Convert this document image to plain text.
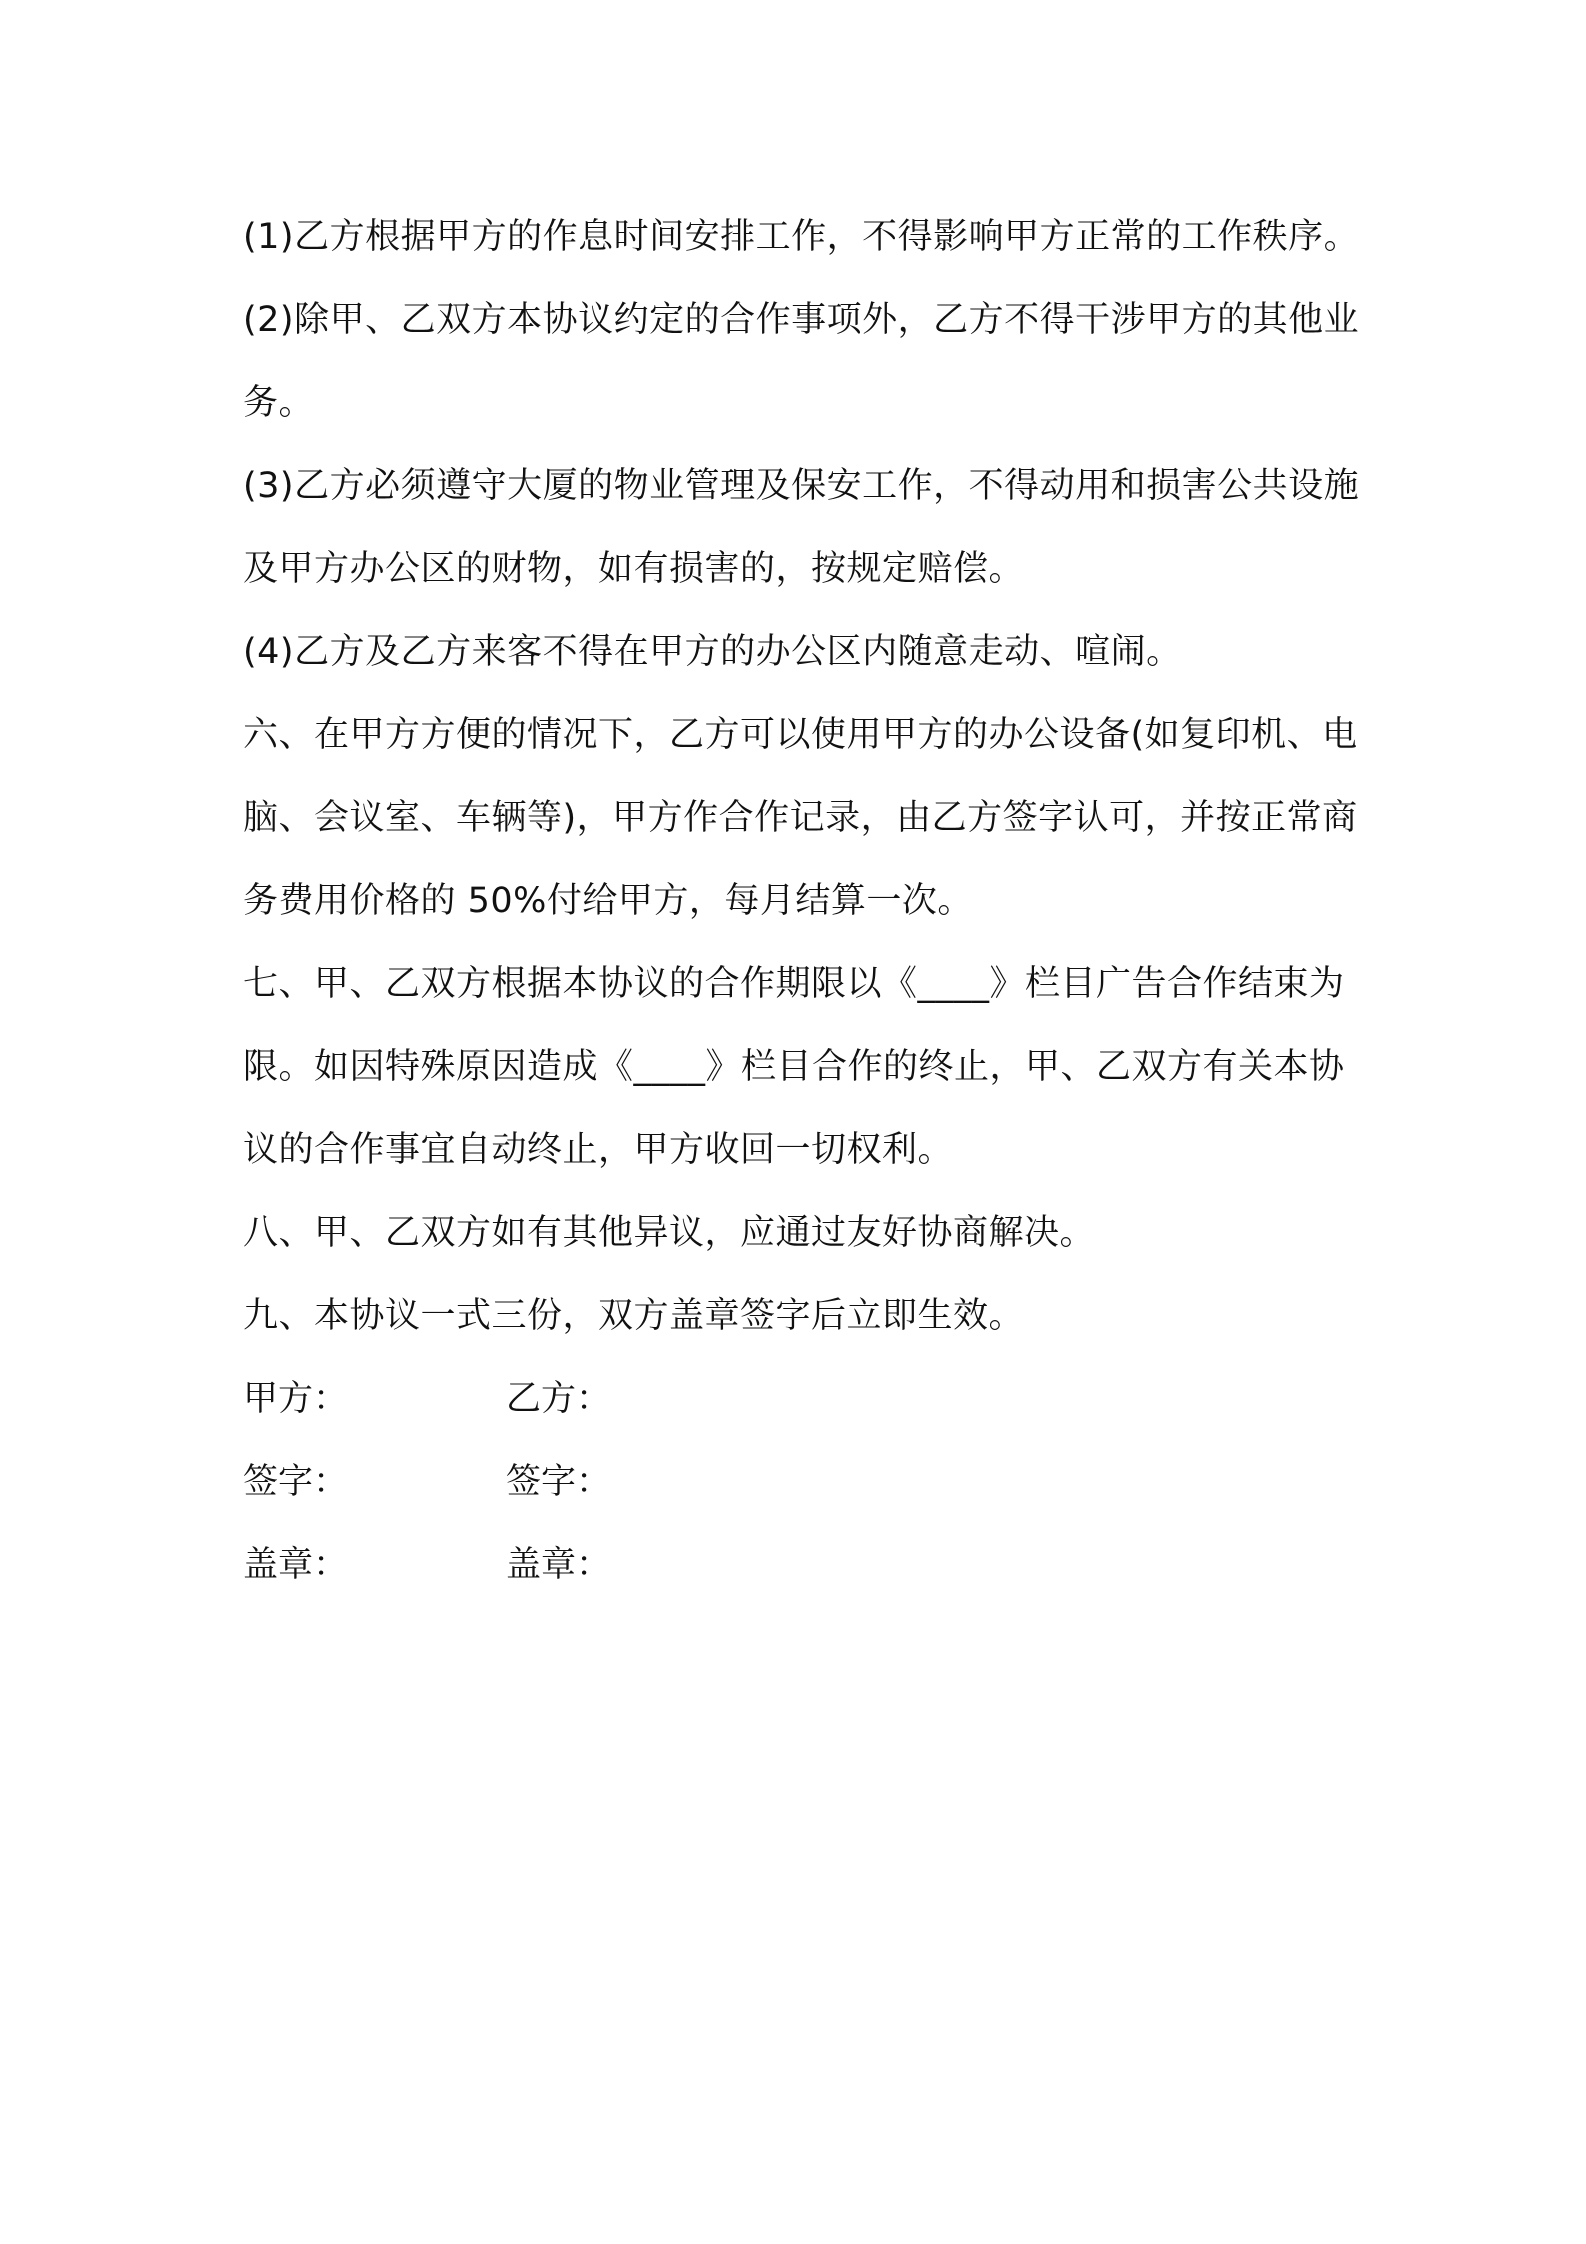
(1)乙方根据甲方的作息时间安排工作，不得影响甲方正常的工作秩序。

(2)除甲、乙双方本协议约定的合作事项外，乙方不得干涉甲方的其他业务。

(3)乙方必须遵守大厦的物业管理及保安工作，不得动用和损害公共设施及甲方办公区的财物，如有损害的，按规定赔偿。

(4)乙方及乙方来客不得在甲方的办公区内随意走动、喧闹。

六、在甲方方便的情况下，乙方可以使用甲方的办公设备(如复印机、电脑、会议室、车辆等)，甲方作合作记录，由乙方签字认可，并按正常商务费用价格的 50%付给甲方，每月结算一次。

七、甲、乙双方根据本协议的合作期限以《____》栏目广告合作结束为限。如因特殊原因造成《____》栏目合作的终止，甲、乙双方有关本协议的合作事宜自动终止，甲方收回一切权利。

八、甲、乙双方如有其他异议，应通过友好协商解决。

九、本协议一式三份，双方盖章签字后立即生效。

甲方：	乙方：
签字：	签字：
盖章：	盖章：
